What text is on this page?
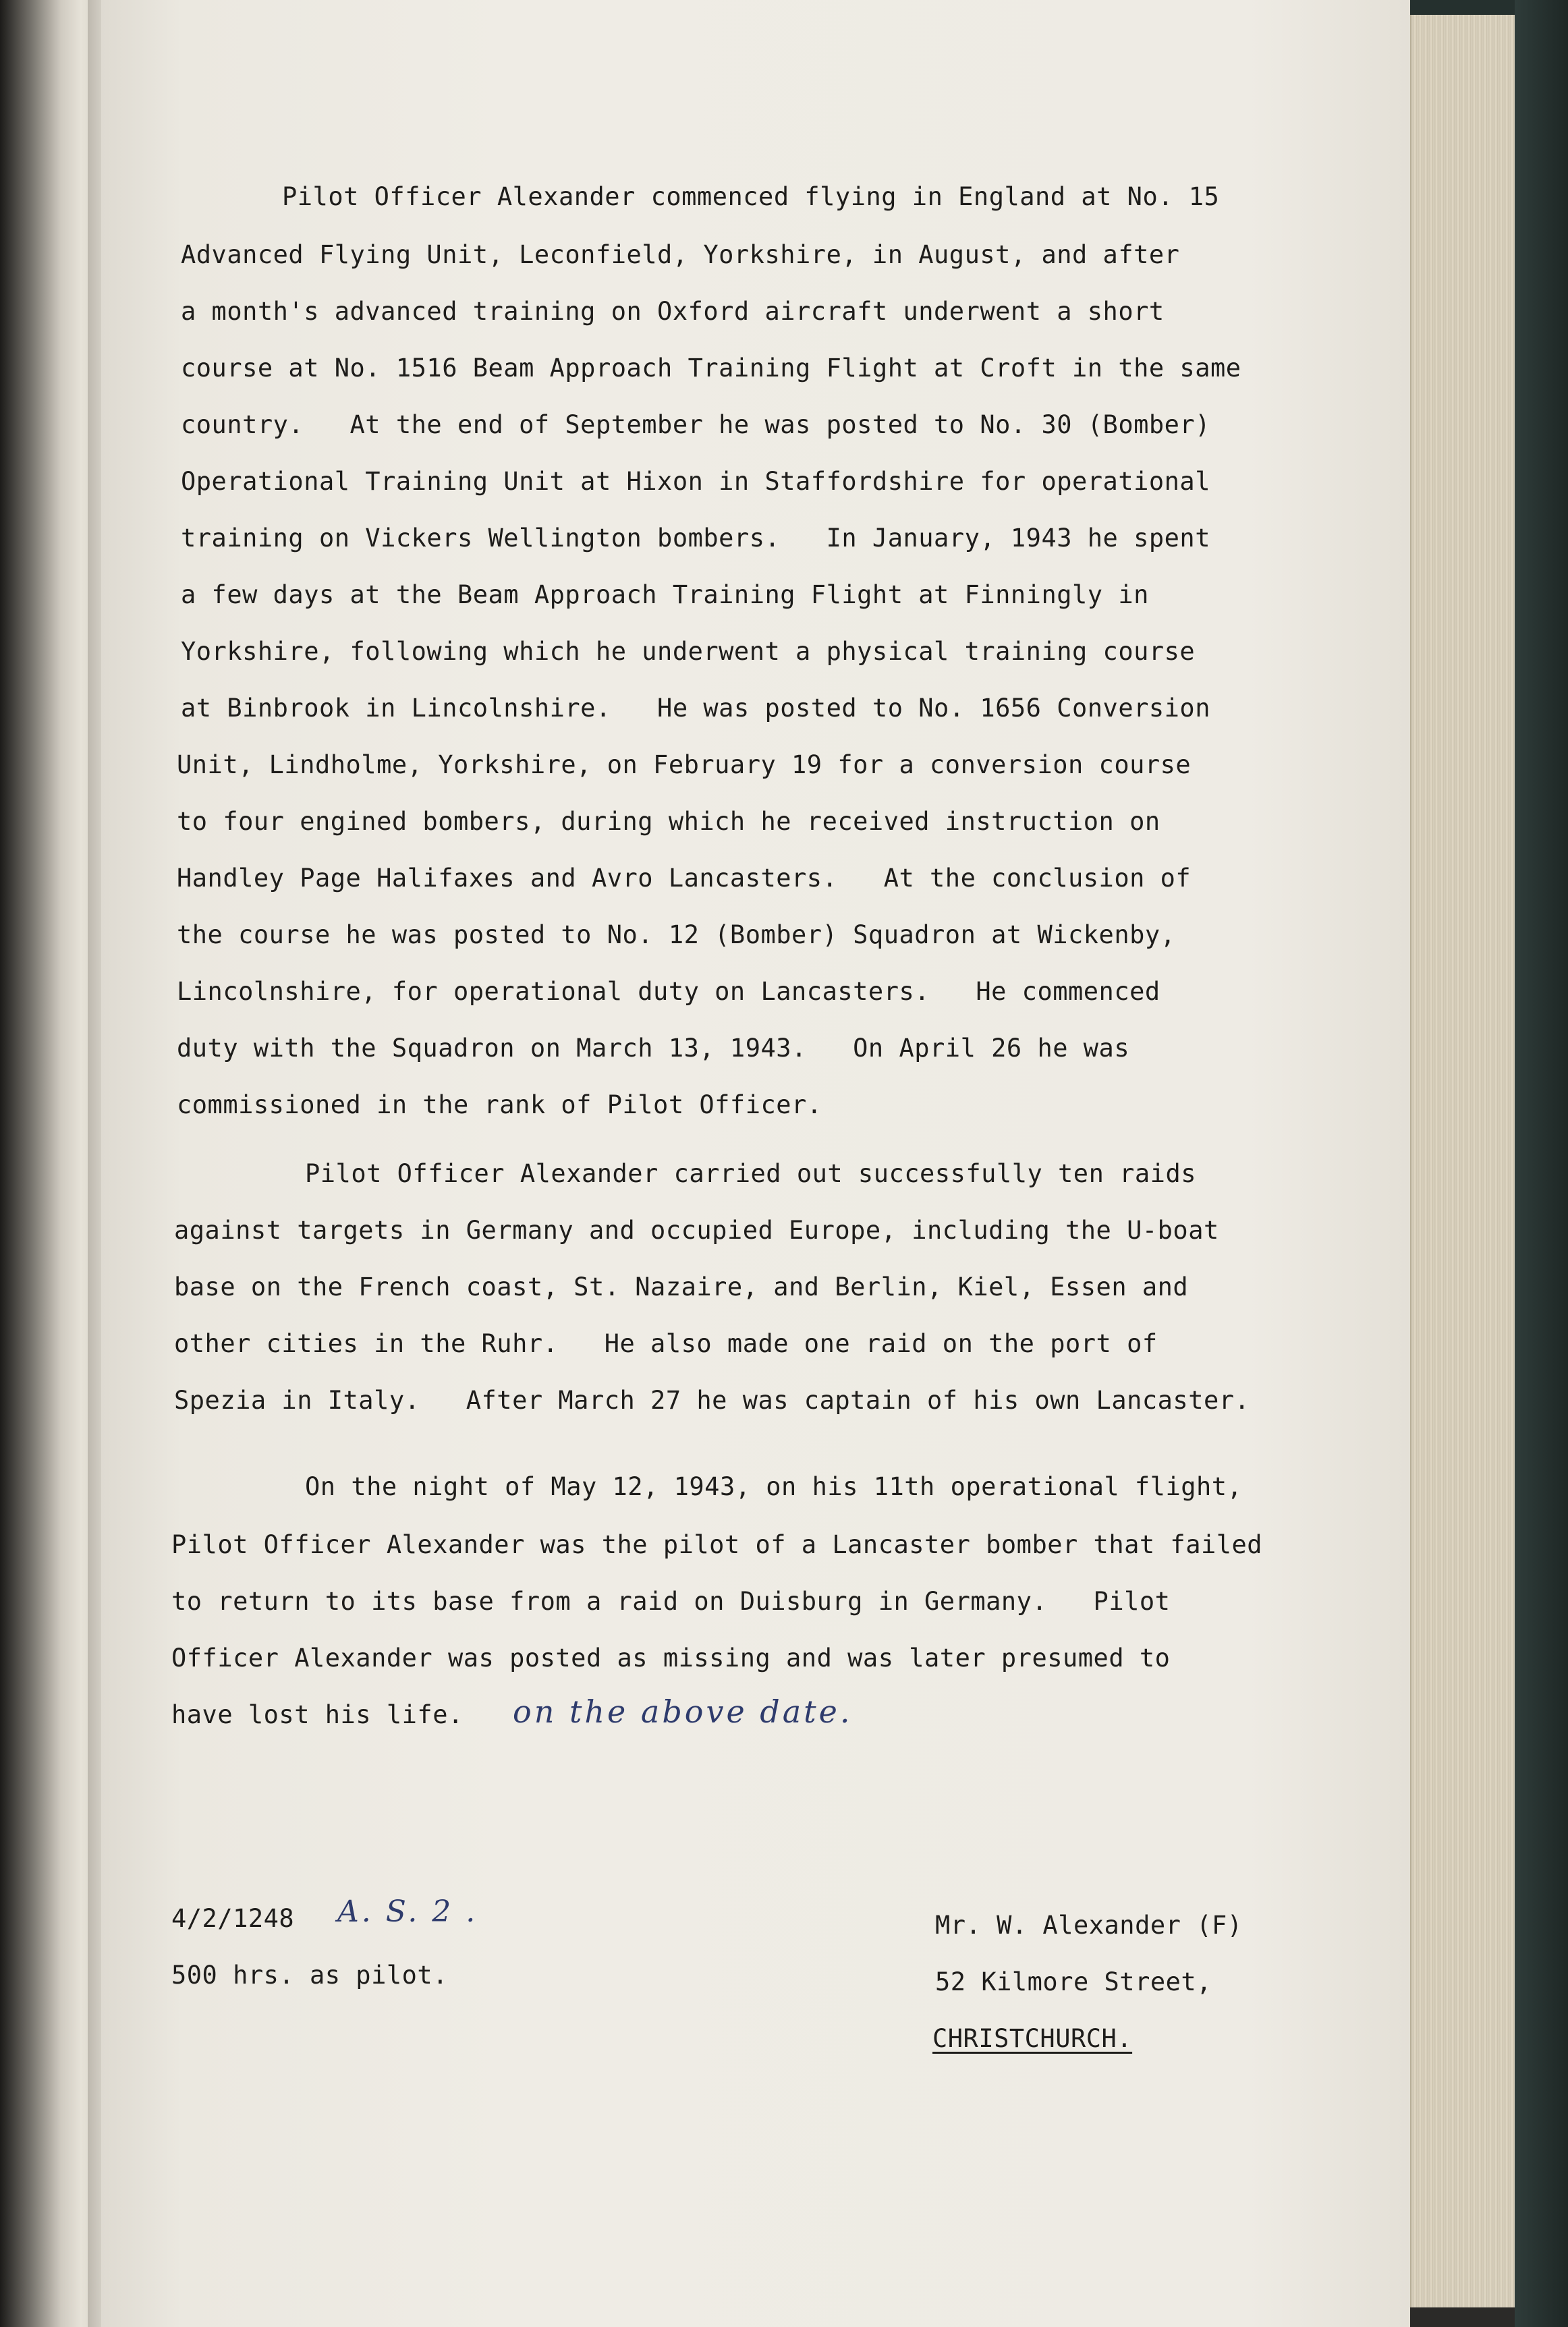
Pilot Officer Alexander commenced flying in England at No. 15
Advanced Flying Unit, Leconfield, Yorkshire, in August, and after
a month's advanced training on Oxford aircraft underwent a short
course at No. 1516 Beam Approach Training Flight at Croft in the same
country.   At the end of September he was posted to No. 30 (Bomber)
Operational Training Unit at Hixon in Staffordshire for operational
training on Vickers Wellington bombers.   In January, 1943 he spent
a few days at the Beam Approach Training Flight at Finningly in
Yorkshire, following which he underwent a physical training course
at Binbrook in Lincolnshire.   He was posted to No. 1656 Conversion
Unit, Lindholme, Yorkshire, on February 19 for a conversion course
to four engined bombers, during which he received instruction on
Handley Page Halifaxes and Avro Lancasters.   At the conclusion of
the course he was posted to No. 12 (Bomber) Squadron at Wickenby,
Lincolnshire, for operational duty on Lancasters.   He commenced
duty with the Squadron on March 13, 1943.   On April 26 he was
commissioned in the rank of Pilot Officer.
Pilot Officer Alexander carried out successfully ten raids
against targets in Germany and occupied Europe, including the U-boat
base on the French coast, St. Nazaire, and Berlin, Kiel, Essen and
other cities in the Ruhr.   He also made one raid on the port of
Spezia in Italy.   After March 27 he was captain of his own Lancaster.
On the night of May 12, 1943, on his 11th operational flight,
Pilot Officer Alexander was the pilot of a Lancaster bomber that failed
to return to its base from a raid on Duisburg in Germany.   Pilot
Officer Alexander was posted as missing and was later presumed to
have lost his life. on the above date.
4/2/1248 A. S. 2 .
500 hrs. as pilot.
Mr. W. Alexander (F)
52 Kilmore Street,
CHRISTCHURCH.
